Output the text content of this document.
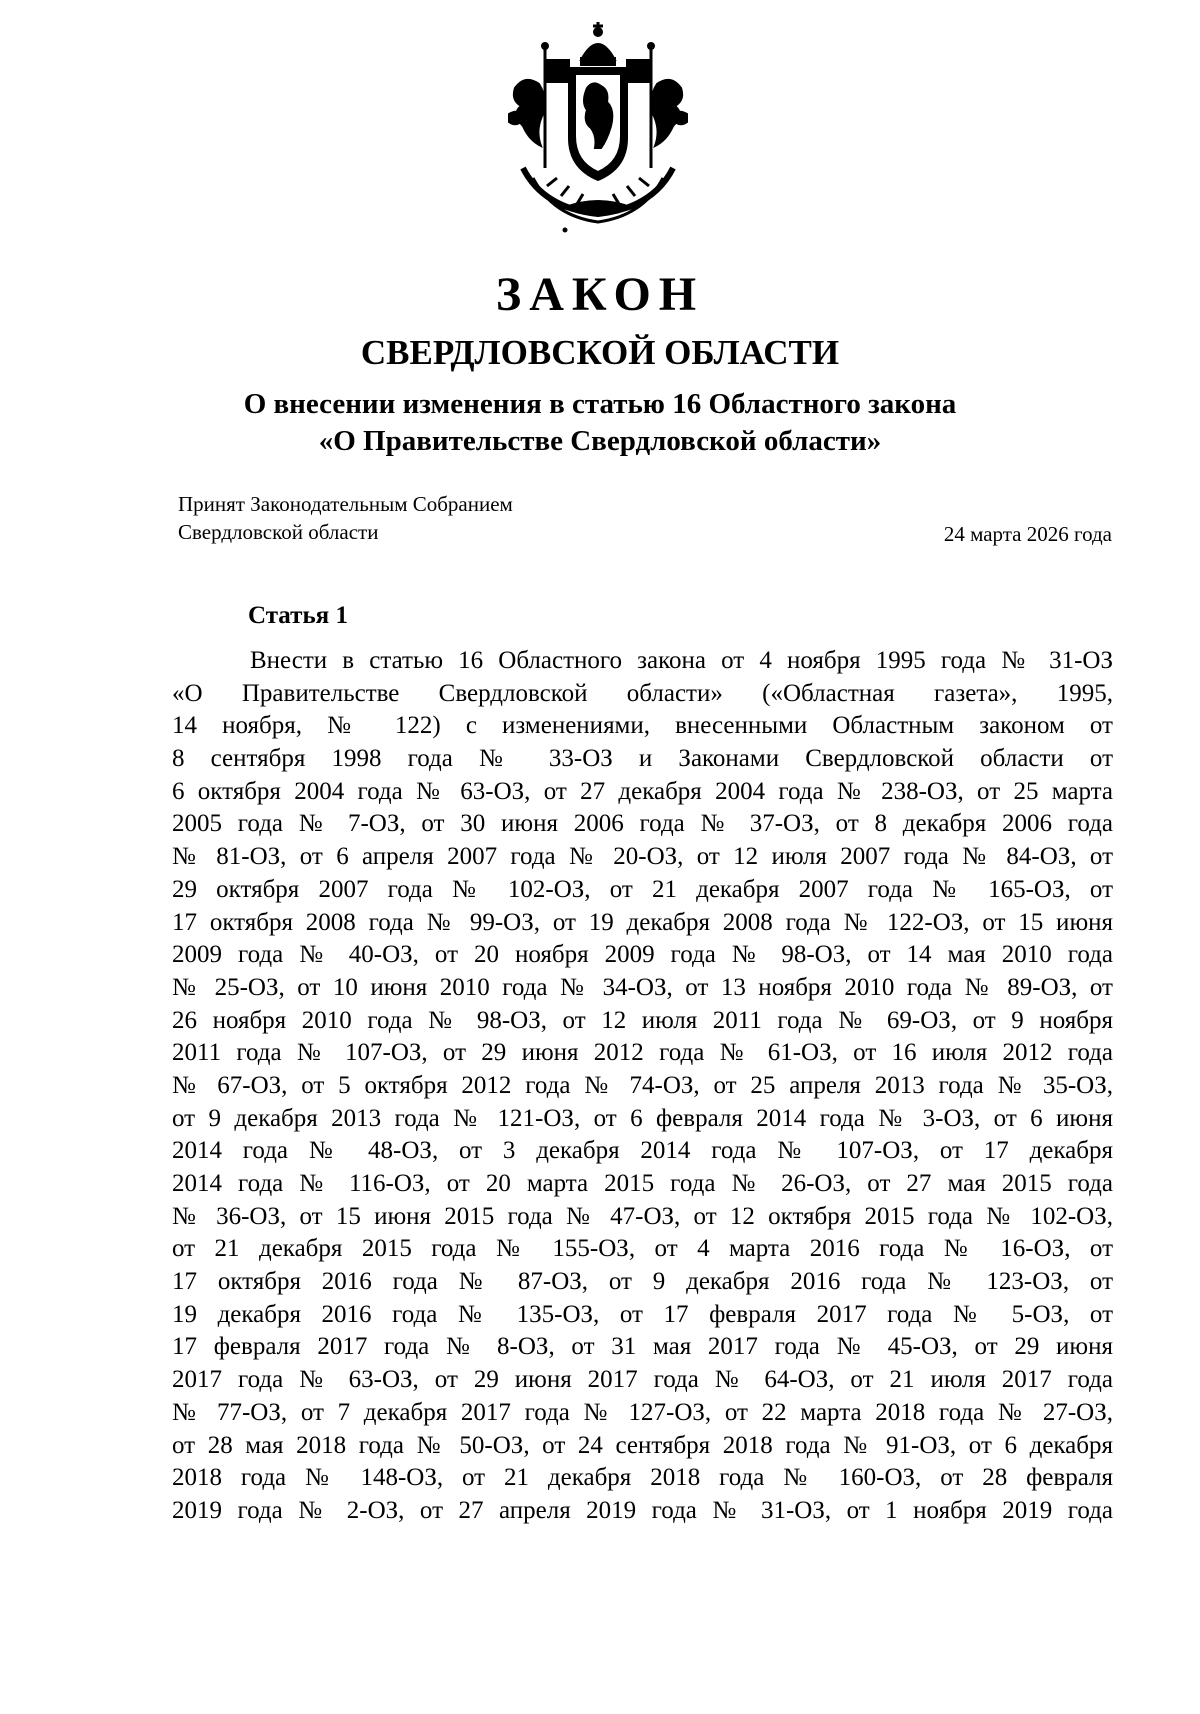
ЗАКОН
СВЕРДЛОВСКОЙ ОБЛАСТИ
О внесении изменения в статью 16 Областного закона
«О Правительстве Свердловской области»
Принят Законодательным Собранием
Свердловской области	24 марта 2026 года
Статья 1
Внести в статью 16 Областного закона от 4 ноября 1995 года № 31-ОЗ
«О Правительстве Свердловской области» («Областная газета», 1995,
14 ноября, № 122) с изменениями, внесенными Областным законом от
8 сентября 1998 года № 33-ОЗ и Законами Свердловской области от
6 октября 2004 года № 63-ОЗ, от 27 декабря 2004 года № 238-ОЗ, от 25 марта
2005 года № 7-ОЗ, от 30 июня 2006 года № 37-ОЗ, от 8 декабря 2006 года
№ 81-ОЗ, от 6 апреля 2007 года № 20-ОЗ, от 12 июля 2007 года № 84-ОЗ, от
29 октября 2007 года № 102-ОЗ, от 21 декабря 2007 года № 165-ОЗ, от
17 октября 2008 года № 99-ОЗ, от 19 декабря 2008 года № 122-ОЗ, от 15 июня
2009 года № 40-ОЗ, от 20 ноября 2009 года № 98-ОЗ, от 14 мая 2010 года
№ 25-ОЗ, от 10 июня 2010 года № 34-ОЗ, от 13 ноября 2010 года № 89-ОЗ, от
26 ноября 2010 года № 98-ОЗ, от 12 июля 2011 года № 69-ОЗ, от 9 ноября
2011 года № 107-ОЗ, от 29 июня 2012 года № 61-ОЗ, от 16 июля 2012 года
№ 67-ОЗ, от 5 октября 2012 года № 74-ОЗ, от 25 апреля 2013 года № 35-ОЗ,
от 9 декабря 2013 года № 121-ОЗ, от 6 февраля 2014 года № 3-ОЗ, от 6 июня
2014 года № 48-ОЗ, от 3 декабря 2014 года № 107-ОЗ, от 17 декабря
2014 года № 116-ОЗ, от 20 марта 2015 года № 26-ОЗ, от 27 мая 2015 года
№ 36-ОЗ, от 15 июня 2015 года № 47-ОЗ, от 12 октября 2015 года № 102-ОЗ,
от 21 декабря 2015 года № 155-ОЗ, от 4 марта 2016 года № 16-ОЗ, от
17 октября 2016 года № 87-ОЗ, от 9 декабря 2016 года № 123-ОЗ, от
19 декабря 2016 года № 135-ОЗ, от 17 февраля 2017 года № 5-ОЗ, от
17 февраля 2017 года № 8-ОЗ, от 31 мая 2017 года № 45-ОЗ, от 29 июня
2017 года № 63-ОЗ, от 29 июня 2017 года № 64-ОЗ, от 21 июля 2017 года
№ 77-ОЗ, от 7 декабря 2017 года № 127-ОЗ, от 22 марта 2018 года № 27-ОЗ,
от 28 мая 2018 года № 50-ОЗ, от 24 сентября 2018 года № 91-ОЗ, от 6 декабря
2018 года № 148-ОЗ, от 21 декабря 2018 года № 160-ОЗ, от 28 февраля
2019 года № 2-ОЗ, от 27 апреля 2019 года № 31-ОЗ, от 1 ноября 2019 года
